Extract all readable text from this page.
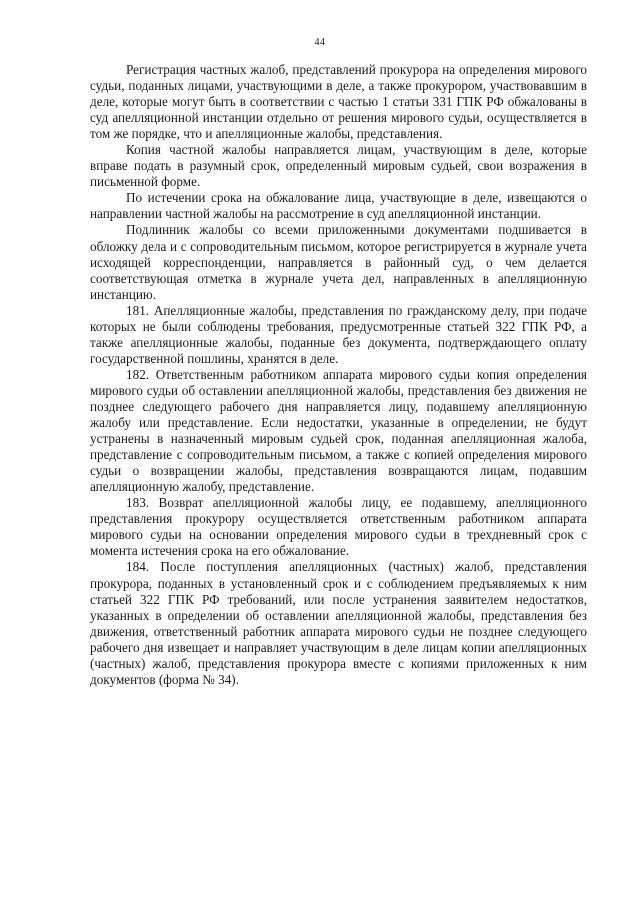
44

Регистрация частных жалоб, представлений прокурора на определения мирового судьи, поданных лицами, участвующими в деле, а также прокурором, участвовавшим в деле, которые могут быть в соответствии с частью 1 статьи 331 ГПК РФ обжалованы в суд апелляционной инстанции отдельно от решения мирового судьи, осуществляется в том же порядке, что и апелляционные жалобы, представления.

Копия частной жалобы направляется лицам, участвующим в деле, которые вправе подать в разумный срок, определенный мировым судьей, свои возражения в письменной форме.

По истечении срока на обжалование лица, участвующие в деле, извещаются о направлении частной жалобы на рассмотрение в суд апелляционной инстанции.

Подлинник жалобы со всеми приложенными документами подшивается в обложку дела и с сопроводительным письмом, которое регистрируется в журнале учета исходящей корреспонденции, направляется в районный суд, о чем делается соответствующая отметка в журнале учета дел, направленных в апелляционную инстанцию.

181. Апелляционные жалобы, представления по гражданскому делу, при подаче которых не были соблюдены требования, предусмотренные статьей 322 ГПК РФ, а также апелляционные жалобы, поданные без документа, подтверждающего оплату государственной пошлины, хранятся в деле.

182. Ответственным работником аппарата мирового судьи копия определения мирового судьи об оставлении апелляционной жалобы, представления без движения не позднее следующего рабочего дня направляется лицу, подавшему апелляционную жалобу или представление. Если недостатки, указанные в определении, не будут устранены в назначенный мировым судьей срок, поданная апелляционная жалоба, представление с сопроводительным письмом, а также с копией определения мирового судьи о возвращении жалобы, представления возвращаются лицам, подавшим апелляционную жалобу, представление.

183. Возврат апелляционной жалобы лицу, ее подавшему, апелляционного представления прокурору осуществляется ответственным работником аппарата мирового судьи на основании определения мирового судьи в трехдневный срок с момента истечения срока на его обжалование.

184. После поступления апелляционных (частных) жалоб, представления прокурора, поданных в установленный срок и с соблюдением предъявляемых к ним статьей 322 ГПК РФ требований, или после устранения заявителем недостатков, указанных в определении об оставлении апелляционной жалобы, представления без движения, ответственный работник аппарата мирового судьи не позднее следующего рабочего дня извещает и направляет участвующим в деле лицам копии апелляционных (частных) жалоб, представления прокурора вместе с копиями приложенных к ним документов (форма № 34).
